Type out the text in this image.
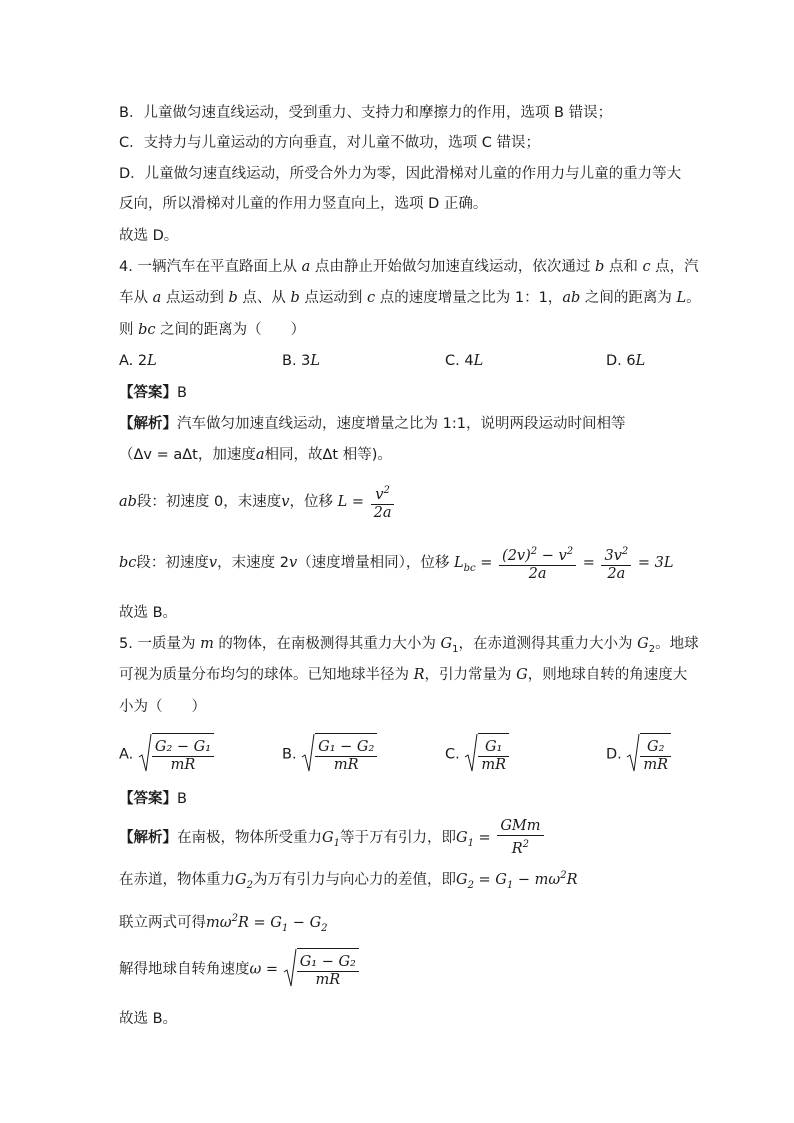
B．儿童做匀速直线运动，受到重力、支持力和摩擦力的作用，选项 B 错误；
C．支持力与儿童运动的方向垂直，对儿童不做功，选项 C 错误；
D．儿童做匀速直线运动，所受合外力为零，因此滑梯对儿童的作用力与儿童的重力等大
反向，所以滑梯对儿童的作用力竖直向上，选项 D 正确。
故选 D。
4. 一辆汽车在平直路面上从 a 点由静止开始做匀加速直线运动，依次通过 b 点和 c 点，汽
车从 a 点运动到 b 点、从 b 点运动到 c 点的速度增量之比为 1：1，ab 之间的距离为 L。
则 bc 之间的距离为（　　）
A. 2L	B. 3L	C. 4L	D. 6L
【答案】B
【解析】汽车做匀加速直线运动，速度增量之比为 1:1，说明两段运动时间相等
（Δv = aΔt，加速度a相同，故Δt 相等)。
ab段：初速度 0，末速度v，位移 $L = \frac{v^2}{2a}$
bc段：初速度v，末速度 2v（速度增量相同），位移 $L_{bc} = \frac{(2v)^2 - v^2}{2a} = \frac{3v^2}{2a} = 3L$
故选 B。
5. 一质量为 m 的物体，在南极测得其重力大小为 $G_1$，在赤道测得其重力大小为 $G_2$。地球
可视为质量分布均匀的球体。已知地球半径为 R，引力常量为 G，则地球自转的角速度大
小为（　　）
A. $\frac{\text{G₂ − G₁}}{mR}$	B. $\frac{\text{G₁ − G₂}}{mR}$	C. $\frac{\text{G₁}}{mR}$	D. $\frac{\text{G₂}}{mR}$
【答案】B
【解析】在南极，物体所受重力$G_1$等于万有引力，即$G_1 = \frac{\text{GMm}}{R^2}$
在赤道，物体重力$G_2$为万有引力与向心力的差值，即$G_2 = G_1 - m\omega^2R$
联立两式可得$m\omega^2R = G_1 - G_2$
解得地球自转角速度$\omega = \frac{\text{G₁ − G₂}}{mR}$
故选 B。
